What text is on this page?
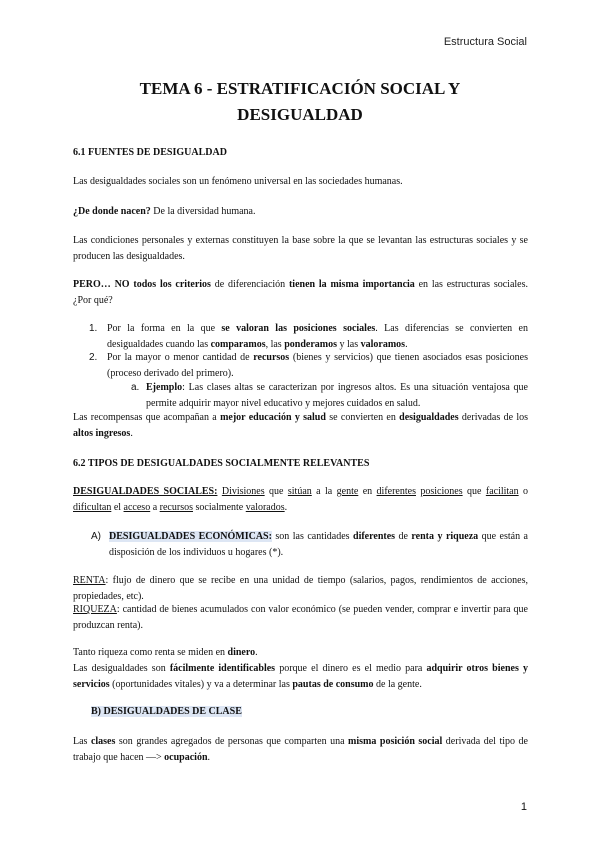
Estructura Social
TEMA 6 - ESTRATIFICACIÓN SOCIAL Y
DESIGUALDAD
6.1 FUENTES DE DESIGUALDAD
Las desigualdades sociales son un fenómeno universal en las sociedades humanas.
¿De donde nacen? De la diversidad humana.
Las condiciones personales y externas constituyen la base sobre la que se levantan las estructuras sociales y se producen las desigualdades.
PERO… NO todos los criterios de diferenciación tienen la misma importancia en las estructuras sociales. ¿Por qué?
1. Por la forma en la que se valoran las posiciones sociales. Las diferencias se convierten en desigualdades cuando las comparamos, las ponderamos y las valoramos.
2. Por la mayor o menor cantidad de recursos (bienes y servicios) que tienen asociados esas posiciones (proceso derivado del primero).
a. Ejemplo: Las clases altas se caracterizan por ingresos altos. Es una situación ventajosa que permite adquirir mayor nivel educativo y mejores cuidados en salud.
Las recompensas que acompañan a mejor educación y salud se convierten en desigualdades derivadas de los altos ingresos.
6.2 TIPOS DE DESIGUALDADES SOCIALMENTE RELEVANTES
DESIGUALDADES SOCIALES: Divisiones que sitúan a la gente en diferentes posiciones que facilitan o dificultan el acceso a recursos socialmente valorados.
A) DESIGUALDADES ECONÓMICAS: son las cantidades diferentes de renta y riqueza que están a disposición de los individuos u hogares (*).
RENTA: flujo de dinero que se recibe en una unidad de tiempo (salarios, pagos, rendimientos de acciones, propiedades, etc).
RIQUEZA: cantidad de bienes acumulados con valor económico (se pueden vender, comprar e invertir para que produzcan renta).
Tanto riqueza como renta se miden en dinero.
Las desigualdades son fácilmente identificables porque el dinero es el medio para adquirir otros bienes y servicios (oportunidades vitales) y va a determinar las pautas de consumo de la gente.
B) DESIGUALDADES DE CLASE
Las clases son grandes agregados de personas que comparten una misma posición social derivada del tipo de trabajo que hacen —> ocupación.
1
